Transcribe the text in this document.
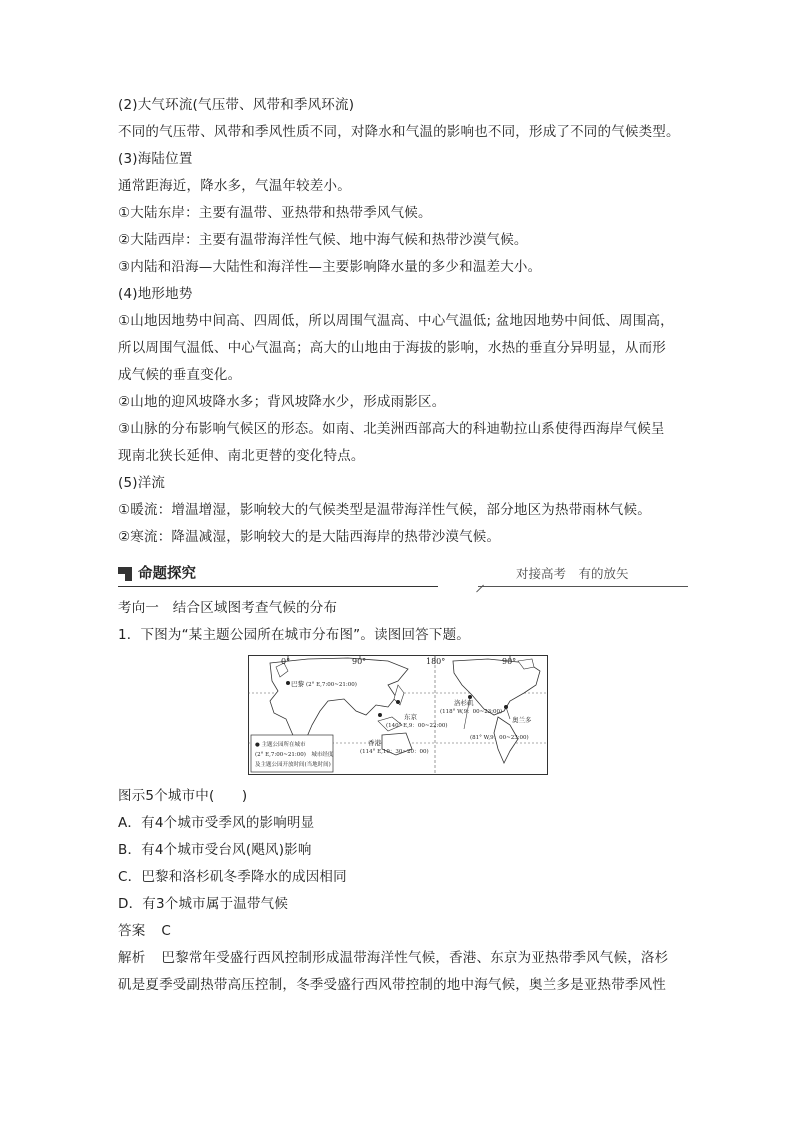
(2)大气环流(气压带、风带和季风环流)
不同的气压带、风带和季风性质不同，对降水和气温的影响也不同，形成了不同的气候类型。
(3)海陆位置
通常距海近，降水多，气温年较差小。
①大陆东岸：主要有温带、亚热带和热带季风气候。
②大陆西岸：主要有温带海洋性气候、地中海气候和热带沙漠气候。
③内陆和沿海—大陆性和海洋性—主要影响降水量的多少和温差大小。
(4)地形地势
①山地因地势中间高、四周低，所以周围气温高、中心气温低; 盆地因地势中间低、周围高，
所以周围气温低、中心气温高；高大的山地由于海拔的影响，水热的垂直分异明显，从而形
成气候的垂直变化。
②山地的迎风坡降水多；背风坡降水少，形成雨影区。
③山脉的分布影响气候区的形态。如南、北美洲西部高大的科迪勒拉山系使得西海岸气候呈
现南北狭长延伸、南北更替的变化特点。
(5)洋流
①暖流：增温增湿，影响较大的气候类型是温带海洋性气候，部分地区为热带雨林气候。
②寒流：降温减湿，影响较大的是大陆西海岸的热带沙漠气候。
命题探究	对接高考　有的放矢
考向一　结合区域图考查气候的分布
1．下图为“某主题公园所在城市分布图”。读图回答下题。
0°	90°	180°	90°
巴黎 (2° E,7:00~21:00)
洛杉矶
(118° W,9：00~23:00)
东京
(140° E,9：00~22:00)
香港
(114° E,10：30~20：00)
奥兰多
(81° W,9：00~23:00)
● 主题公园所在城市
(2° E,7:00~21:00)　城市经度
及主题公园开放时间(当地时间)
图示5个城市中(　　)
A．有4个城市受季风的影响明显
B．有4个城市受台风(飓风)影响
C．巴黎和洛杉矶冬季降水的成因相同
D．有3个城市属于温带气候
答案 C
解析 巴黎常年受盛行西风控制形成温带海洋性气候，香港、东京为亚热带季风气候，洛杉
矶是夏季受副热带高压控制，冬季受盛行西风带控制的地中海气候，奥兰多是亚热带季风性
